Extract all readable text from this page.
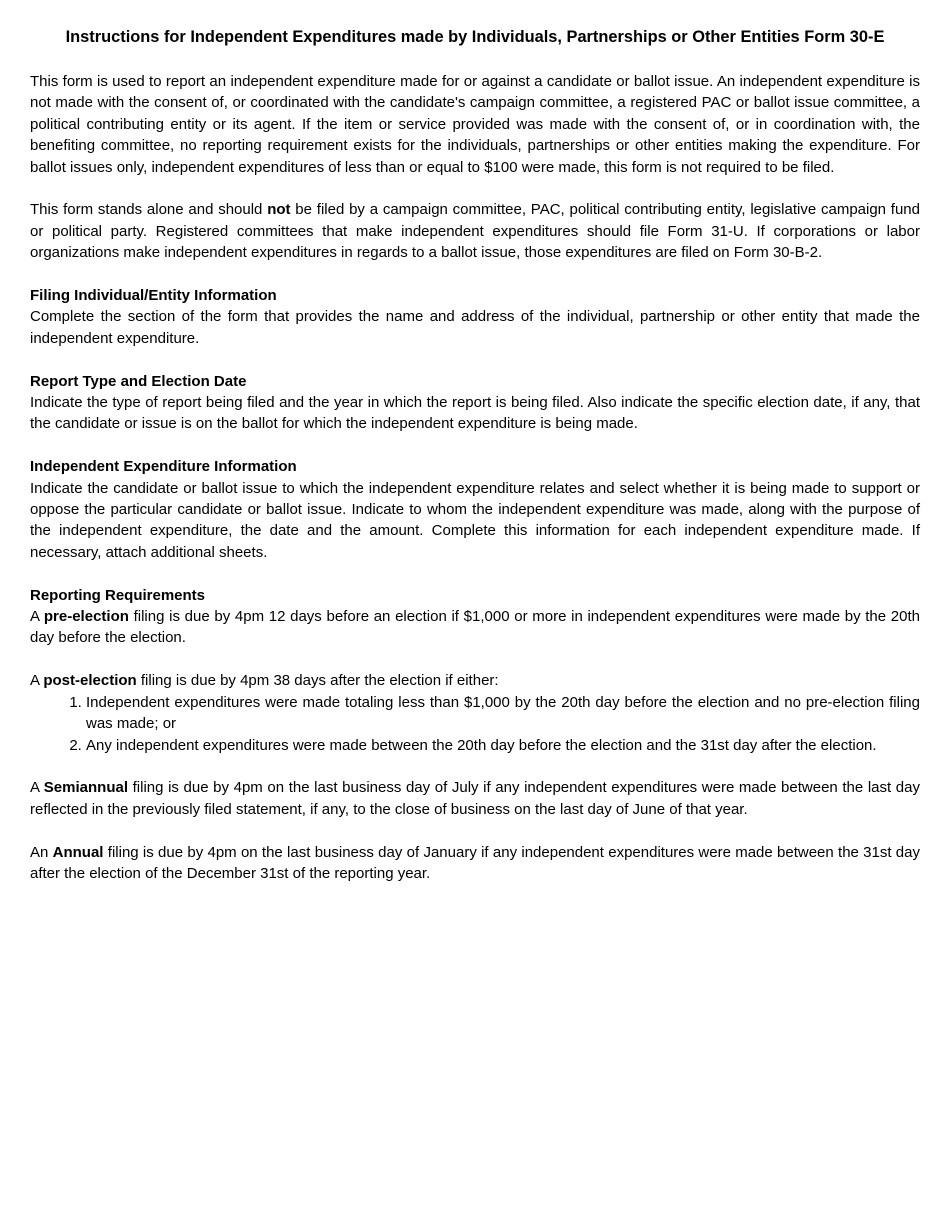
Instructions for Independent Expenditures made by Individuals, Partnerships or Other Entities Form 30-E

This form is used to report an independent expenditure made for or against a candidate or ballot issue. An independent expenditure is not made with the consent of, or coordinated with the candidate's campaign committee, a registered PAC or ballot issue committee, a political contributing entity or its agent. If the item or service provided was made with the consent of, or in coordination with, the benefiting committee, no reporting requirement exists for the individuals, partnerships or other entities making the expenditure. For ballot issues only, independent expenditures of less than or equal to $100 were made, this form is not required to be filed.

This form stands alone and should not be filed by a campaign committee, PAC, political contributing entity, legislative campaign fund or political party. Registered committees that make independent expenditures should file Form 31-U. If corporations or labor organizations make independent expenditures in regards to a ballot issue, those expenditures are filed on Form 30-B-2.

Filing Individual/Entity Information
Complete the section of the form that provides the name and address of the individual, partnership or other entity that made the independent expenditure.
Report Type and Election Date
Indicate the type of report being filed and the year in which the report is being filed. Also indicate the specific election date, if any, that the candidate or issue is on the ballot for which the independent expenditure is being made.
Independent Expenditure Information
Indicate the candidate or ballot issue to which the independent expenditure relates and select whether it is being made to support or oppose the particular candidate or ballot issue. Indicate to whom the independent expenditure was made, along with the purpose of the independent expenditure, the date and the amount. Complete this information for each independent expenditure made. If necessary, attach additional sheets.
Reporting Requirements
A pre-election filing is due by 4pm 12 days before an election if $1,000 or more in independent expenditures were made by the 20th day before the election.
A post-election filing is due by 4pm 38 days after the election if either:
1. Independent expenditures were made totaling less than $1,000 by the 20th day before the election and no pre-election filing was made; or
2. Any independent expenditures were made between the 20th day before the election and the 31st day after the election.

A Semiannual filing is due by 4pm on the last business day of July if any independent expenditures were made between the last day reflected in the previously filed statement, if any, to the close of business on the last day of June of that year.

An Annual filing is due by 4pm on the last business day of January if any independent expenditures were made between the 31st day after the election of the December 31st of the reporting year.
